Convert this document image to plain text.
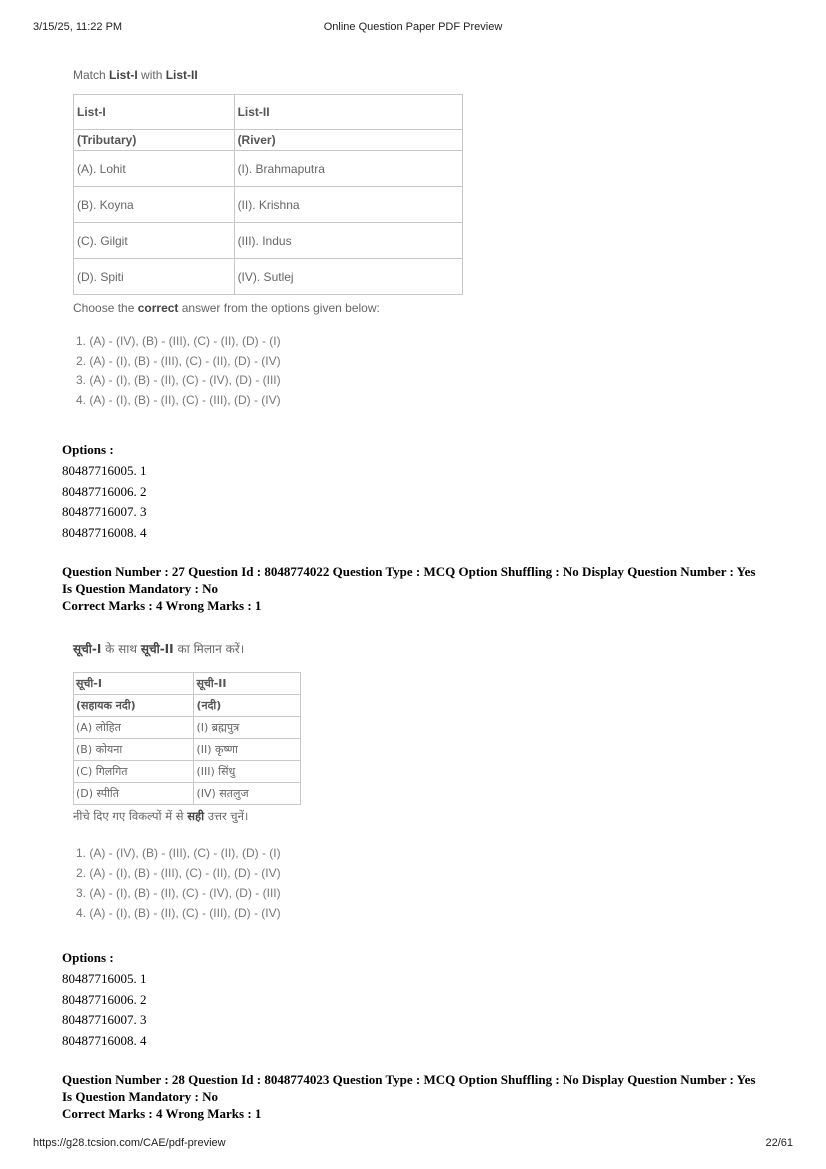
3/15/25, 11:22 PM	Online Question Paper PDF Preview
Match List-I with List-II
List-I	List-II
(Tributary)	(River)
(A). Lohit	(I). Brahmaputra
(B). Koyna	(II). Krishna
(C). Gilgit	(III). Indus
(D). Spiti	(IV). Sutlej
Choose the correct answer from the options given below:
1. (A) - (IV), (B) - (III), (C) - (II), (D) - (I)
2. (A) - (I), (B) - (III), (C) - (II), (D) - (IV)
3. (A) - (I), (B) - (II), (C) - (IV), (D) - (III)
4. (A) - (I), (B) - (II), (C) - (III), (D) - (IV)
Options :
80487716005. 1
80487716006. 2
80487716007. 3
80487716008. 4
Question Number : 27 Question Id : 8048774022 Question Type : MCQ Option Shuffling : No Display Question Number : Yes
Is Question Mandatory : No
Correct Marks : 4 Wrong Marks : 1
सूची-I के साथ सूची-II का मिलान करें।
सूची-I	सूची-II
(सहायक नदी)	(नदी)
(A) लोहित	(I) ब्रह्मपुत्र
(B) कोयना	(II) कृष्णा
(C) गिलगित	(III) सिंधु
(D) स्पीति	(IV) सतलुज
नीचे दिए गए विकल्पों में से सही उत्तर चुनें।
1. (A) - (IV), (B) - (III), (C) - (II), (D) - (I)
2. (A) - (I), (B) - (III), (C) - (II), (D) - (IV)
3. (A) - (I), (B) - (II), (C) - (IV), (D) - (III)
4. (A) - (I), (B) - (II), (C) - (III), (D) - (IV)
Options :
80487716005. 1
80487716006. 2
80487716007. 3
80487716008. 4
Question Number : 28 Question Id : 8048774023 Question Type : MCQ Option Shuffling : No Display Question Number : Yes
Is Question Mandatory : No
Correct Marks : 4 Wrong Marks : 1
https://g28.tcsion.com/CAE/pdf-preview	22/61
